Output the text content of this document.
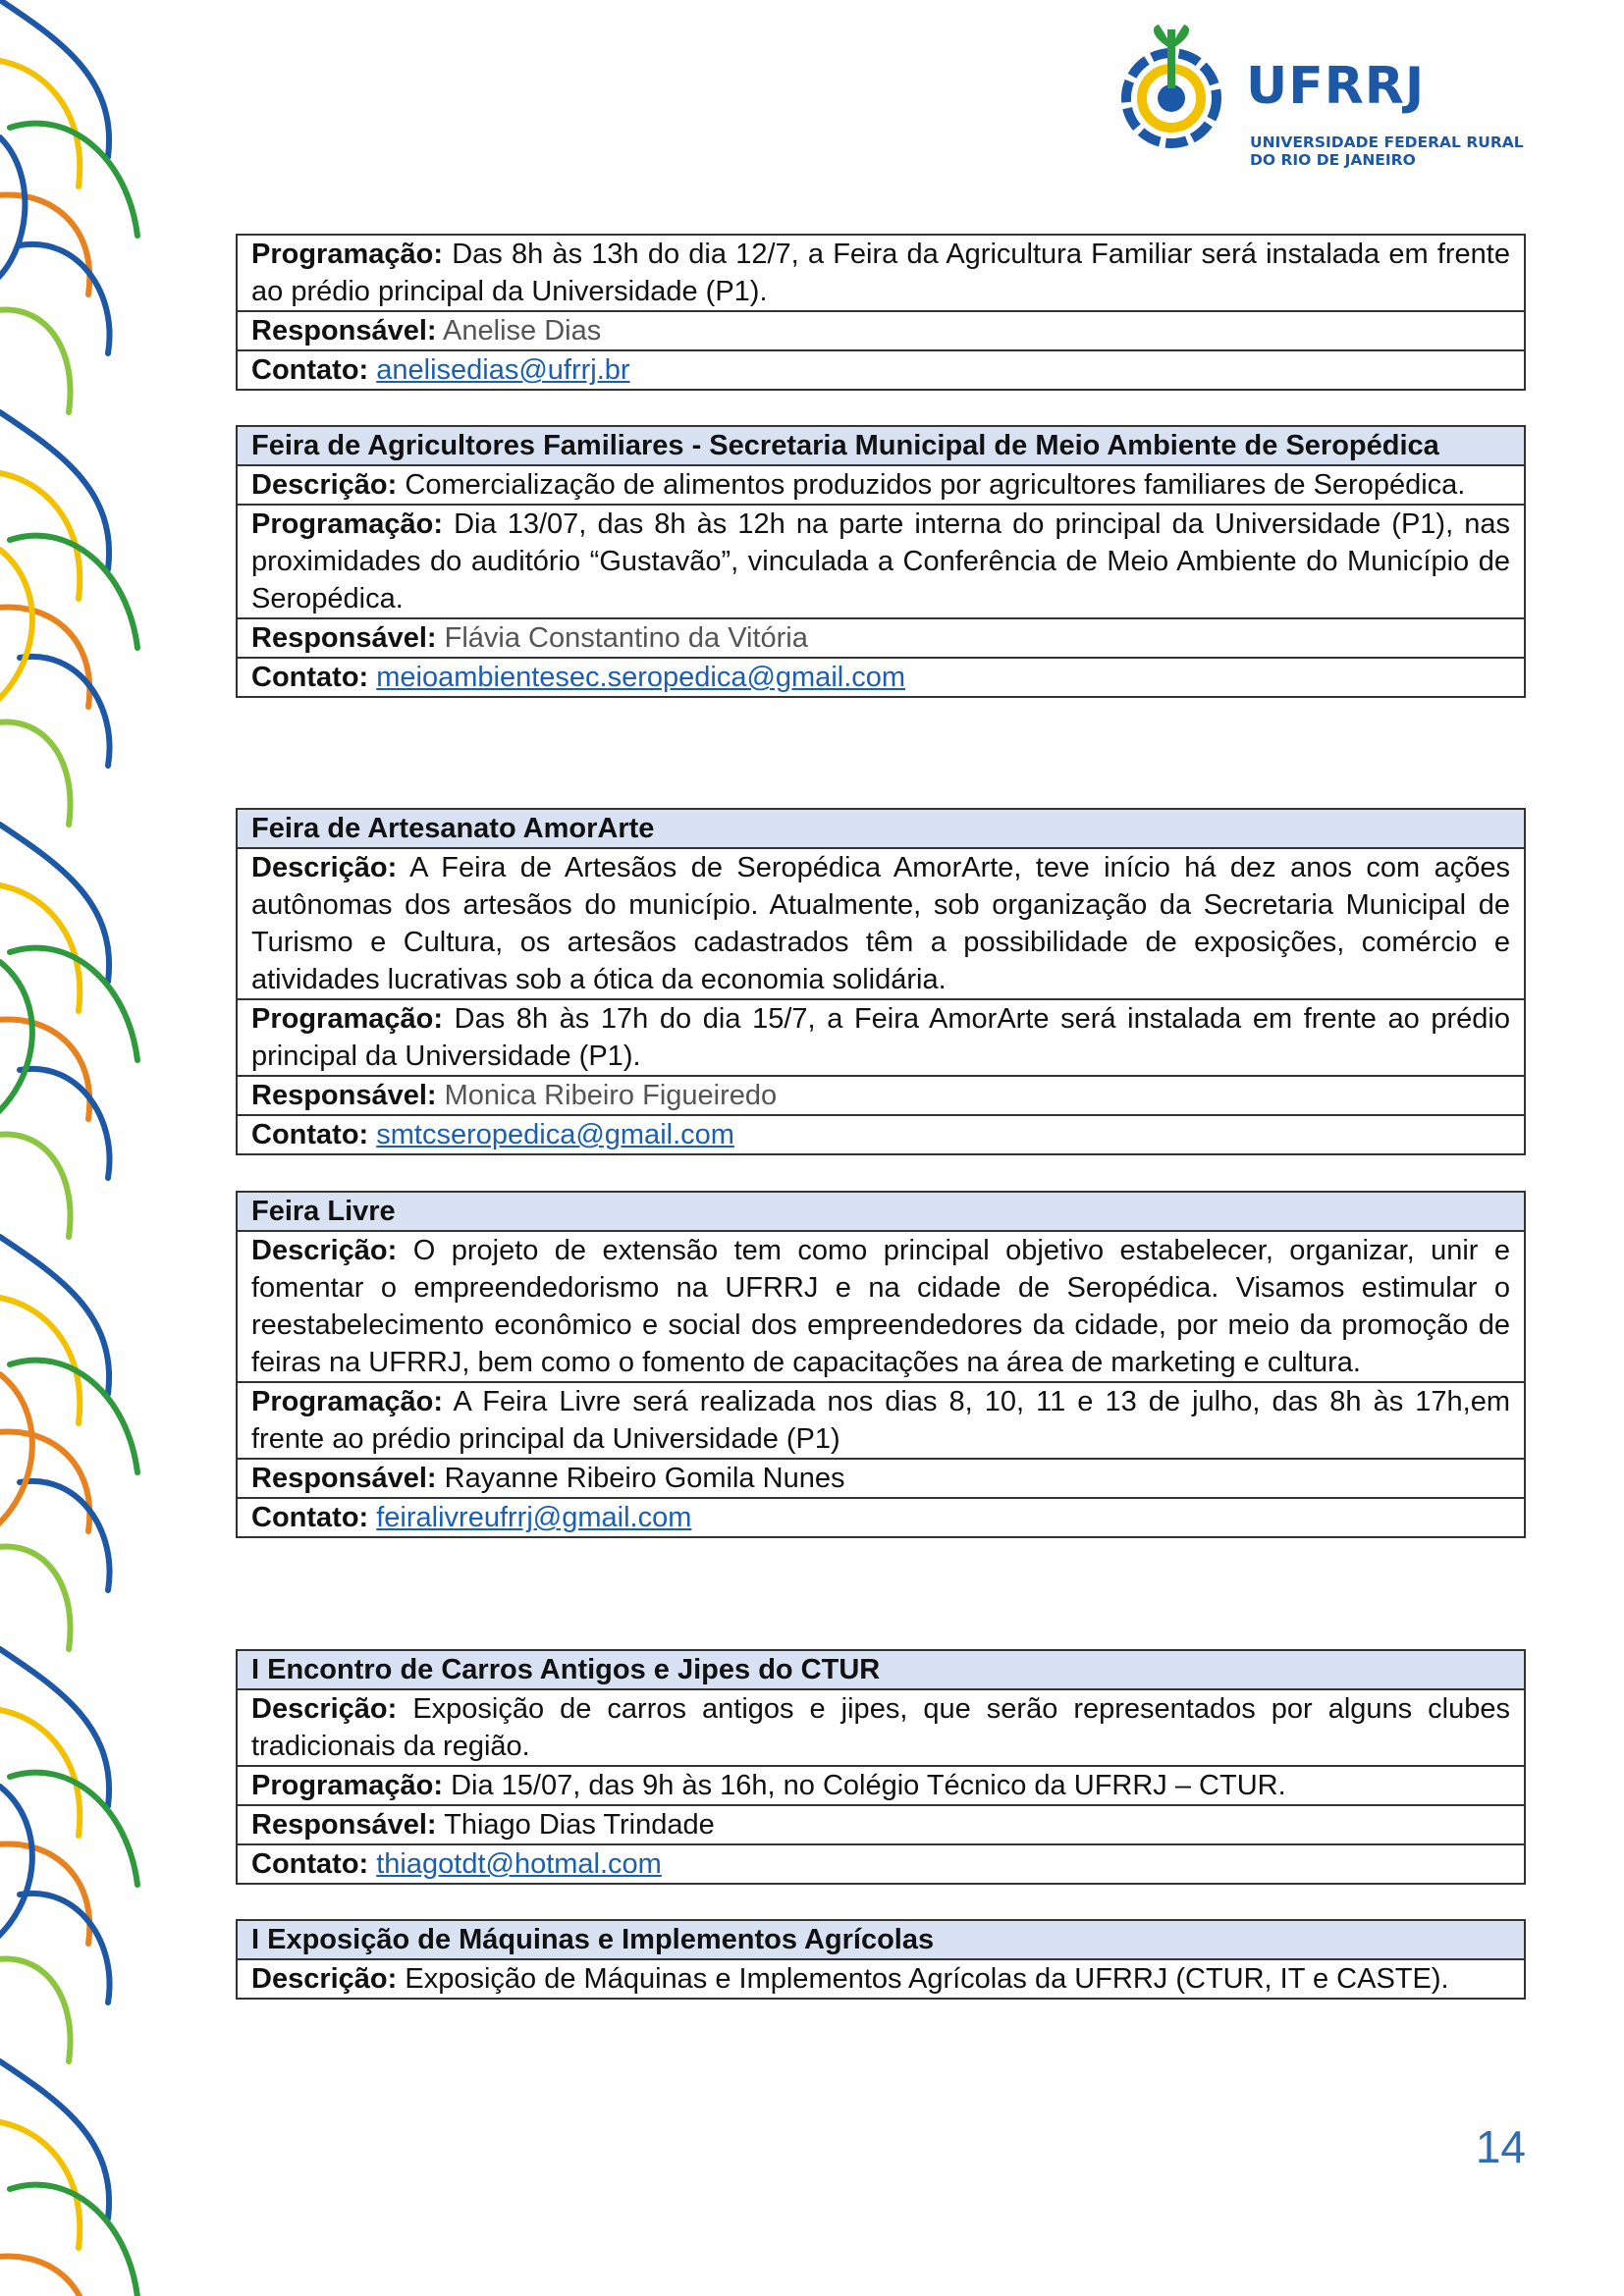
UFRRJ
UNIVERSIDADE FEDERAL RURAL
DO RIO DE JANEIRO
Programação: Das 8h às 13h do dia 12/7, a Feira da Agricultura Familiar será instalada em frente ao prédio principal da Universidade (P1).
Responsável: Anelise Dias
Contato: anelisedias@ufrrj.br
Feira de Agricultores Familiares - Secretaria Municipal de Meio Ambiente de Seropédica
Descrição: Comercialização de alimentos produzidos por agricultores familiares de Seropédica.
Programação: Dia 13/07, das 8h às 12h na parte interna do principal da Universidade (P1), nas proximidades do auditório “Gustavão”, vinculada a Conferência de Meio Ambiente do Município de Seropédica.
Responsável: Flávia Constantino da Vitória
Contato: meioambientesec.seropedica@gmail.com
Feira de Artesanato AmorArte
Descrição: A Feira de Artesãos de Seropédica AmorArte, teve início há dez anos com ações autônomas dos artesãos do município. Atualmente, sob organização da Secretaria Municipal de Turismo e Cultura, os artesãos cadastrados têm a possibilidade de exposições, comércio e atividades lucrativas sob a ótica da economia solidária.
Programação: Das 8h às 17h do dia 15/7, a Feira AmorArte será instalada em frente ao prédio principal da Universidade (P1).
Responsável: Monica Ribeiro Figueiredo
Contato: smtcseropedica@gmail.com
Feira Livre
Descrição: O projeto de extensão tem como principal objetivo estabelecer, organizar, unir e fomentar o empreendedorismo na UFRRJ e na cidade de Seropédica. Visamos estimular o reestabelecimento econômico e social dos empreendedores da cidade, por meio da promoção de feiras na UFRRJ, bem como o fomento de capacitações na área de marketing e cultura.
Programação: A Feira Livre será realizada nos dias 8, 10, 11 e 13 de julho, das 8h às 17h,em frente ao prédio principal da Universidade (P1)
Responsável: Rayanne Ribeiro Gomila Nunes
Contato: feiralivreufrrj@gmail.com
I Encontro de Carros Antigos e Jipes do CTUR
Descrição: Exposição de carros antigos e jipes, que serão representados por alguns clubes tradicionais da região.
Programação: Dia 15/07, das 9h às 16h, no Colégio Técnico da UFRRJ – CTUR.
Responsável: Thiago Dias Trindade
Contato: thiagotdt@hotmal.com
I Exposição de Máquinas e Implementos Agrícolas
Descrição: Exposição de Máquinas e Implementos Agrícolas da UFRRJ (CTUR, IT e CASTE).
14
